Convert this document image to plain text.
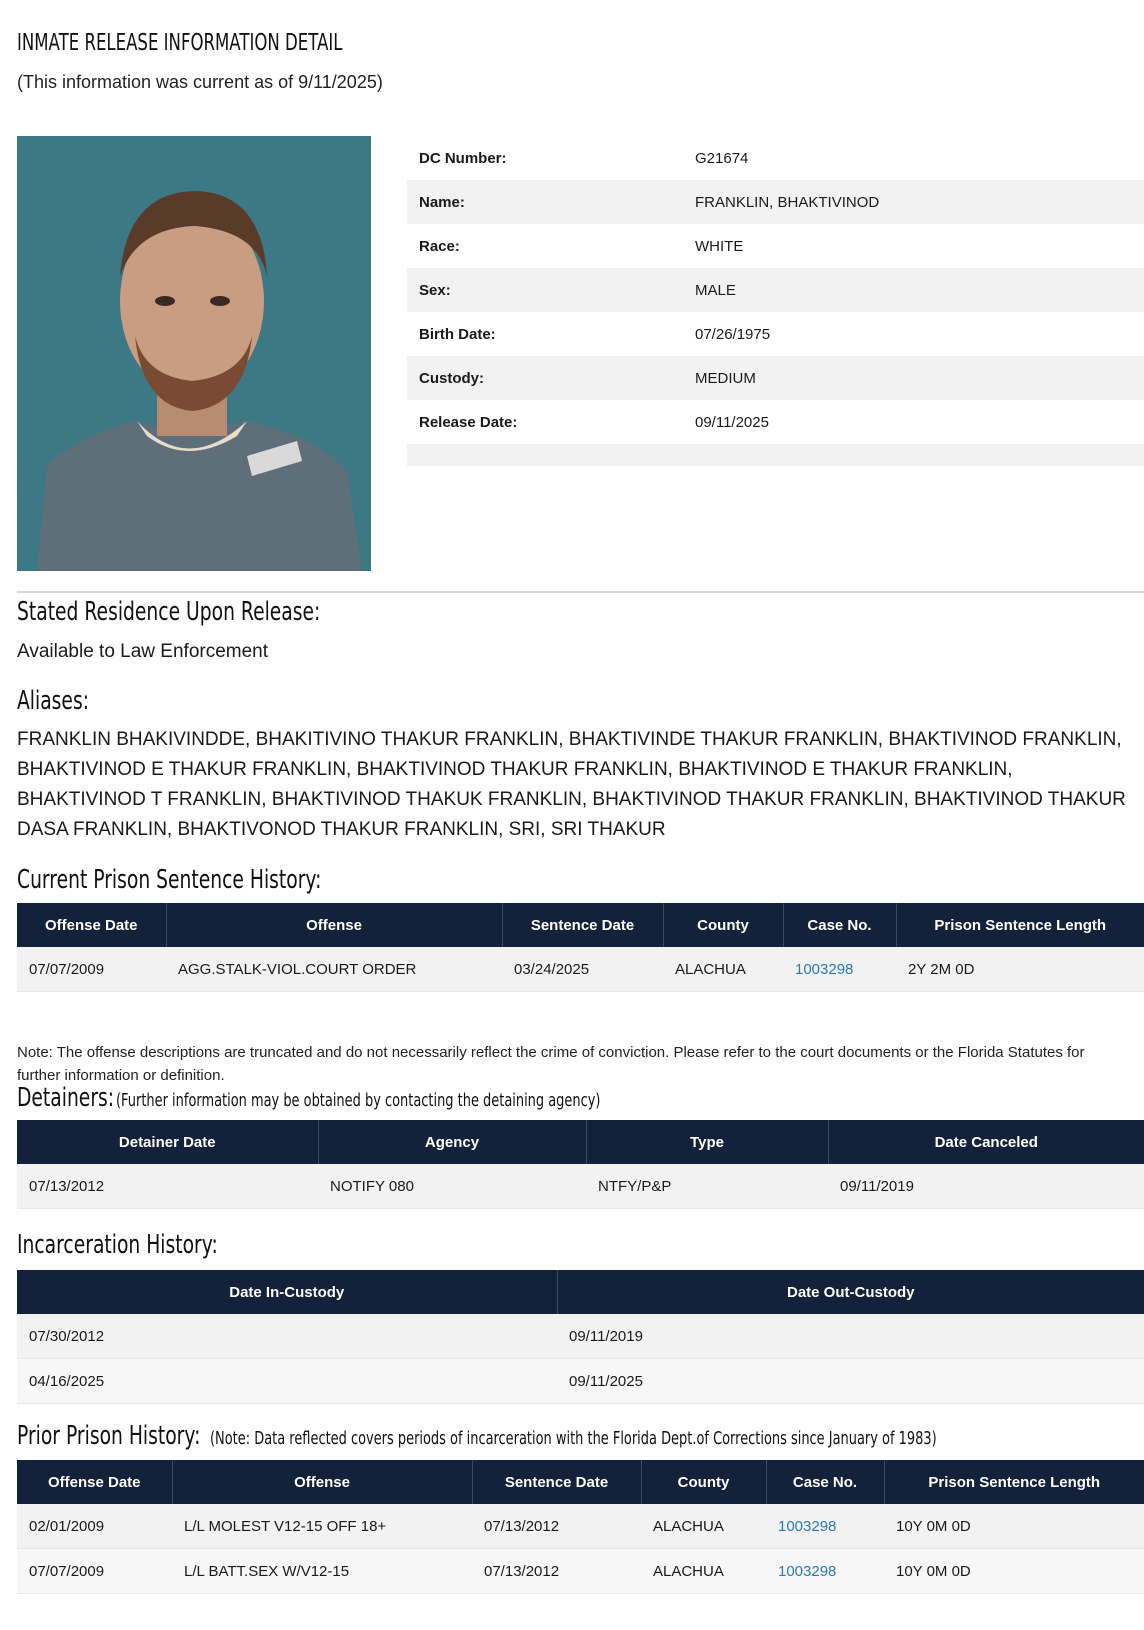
INMATE RELEASE INFORMATION DETAIL
(This information was current as of 9/11/2025)
DC Number:	G21674
Name:	FRANKLIN, BHAKTIVINOD
Race:	WHITE
Sex:	MALE
Birth Date:	07/26/1975
Custody:	MEDIUM
Release Date:	09/11/2025

Stated Residence Upon Release:
Available to Law Enforcement
Aliases:
FRANKLIN BHAKIVINDDE, BHAKITIVINO THAKUR FRANKLIN, BHAKTIVINDE THAKUR FRANKLIN, BHAKTIVINOD FRANKLIN, BHAKTIVINOD E THAKUR FRANKLIN, BHAKTIVINOD THAKUR FRANKLIN, BHAKTIVINOD E THAKUR FRANKLIN, BHAKTIVINOD T FRANKLIN, BHAKTIVINOD THAKUK FRANKLIN, BHAKTIVINOD THAKUR FRANKLIN, BHAKTIVINOD THAKUR DASA FRANKLIN, BHAKTIVONOD THAKUR FRANKLIN, SRI, SRI THAKUR
Current Prison Sentence History:
Offense Date	Offense	Sentence Date	County	Case No.	Prison Sentence Length
07/07/2009	AGG.STALK-VIOL.COURT ORDER	03/24/2025	ALACHUA	1003298	2Y 2M 0D
Note: The offense descriptions are truncated and do not necessarily reflect the crime of conviction. Please refer to the court documents or the Florida Statutes for further information or definition.
Detainers:(Further information may be obtained by contacting the detaining agency)
Detainer Date	Agency	Type	Date Canceled
07/13/2012	NOTIFY 080	NTFY/P&P	09/11/2019
Incarceration History:
Date In-Custody	Date Out-Custody
07/30/2012	09/11/2019
04/16/2025	09/11/2025
Prior Prison History: (Note: Data reflected covers periods of incarceration with the Florida Dept.of Corrections since January of 1983)
Offense Date	Offense	Sentence Date	County	Case No.	Prison Sentence Length
02/01/2009	L/L MOLEST V12-15 OFF 18+	07/13/2012	ALACHUA	1003298	10Y 0M 0D
07/07/2009	L/L BATT.SEX W/V12-15	07/13/2012	ALACHUA	1003298	10Y 0M 0D
